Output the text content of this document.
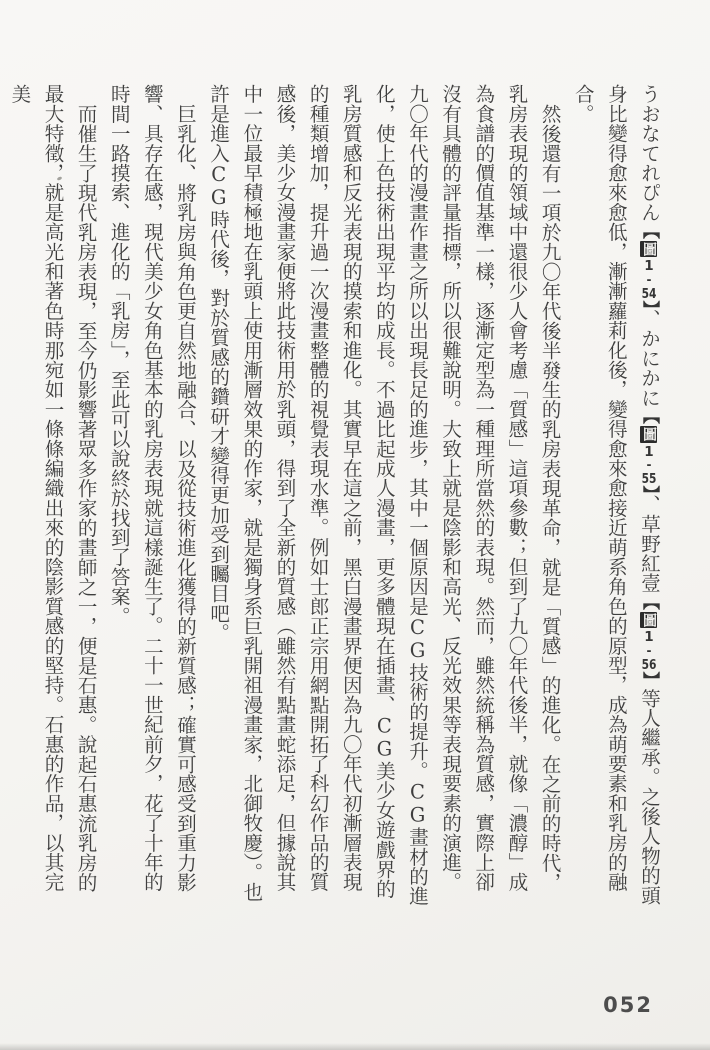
うおなてれぴん【圖1-54】、かにかに【圖1-55】、草野紅壹【圖1-56】等人繼承。之後人物的頭身比變得愈來愈低，漸漸蘿莉化後，變得愈來愈接近萌系角色的原型，成為萌要素和乳房的融合。

然後還有一項於九〇年代後半發生的乳房表現革命，就是「質感」的進化。在之前的時代，乳房表現的領域中還很少人會考慮「質感」這項參數；但到了九〇年代後半，就像「濃醇」成為食譜的價值基準一樣，逐漸定型為一種理所當然的表現。然而，雖然統稱為質感，實際上卻沒有具體的評量指標，所以很難說明。大致上就是陰影和高光、反光效果等表現要素的演進。九〇年代的漫畫作畫之所以出現長足的進步，其中一個原因是CG技術的提升。CG畫材的進化，使上色技術出現平均的成長。不過比起成人漫畫，更多體現在插畫、CG美少女遊戲界的乳房質感和反光表現的摸索和進化。其實早在這之前，黑白漫畫界便因為九〇年代初漸層表現的種類增加，提升過一次漫畫整體的視覺表現水準。例如士郎正宗用網點開拓了科幻作品的質感後，美少女漫畫家便將此技術用於乳頭，得到了全新的質感（雖然有點畫蛇添足，但據說其中一位最早積極地在乳頭上使用漸層效果的作家，就是獨身系巨乳開祖漫畫家，北御牧慶）。也許是進入CG時代後，對於質感的鑽研才變得更加受到矚目吧。

巨乳化、將乳房與角色更自然地融合、以及從技術進化獲得的新質感；確實可感受到重力影響、具存在感，現代美少女角色基本的乳房表現就這樣誕生了。二十一世紀前夕，花了十年的時間一路摸索、進化的「乳房」，至此可以說終於找到了答案。

而催生了現代乳房表現，至今仍影響著眾多作家的畫師之一，便是石惠。說起石惠流乳房的最大特徵，就是高光和著色時那宛如一條條編織出來的陰影質感的堅持。石惠的作品，以其完美

052
